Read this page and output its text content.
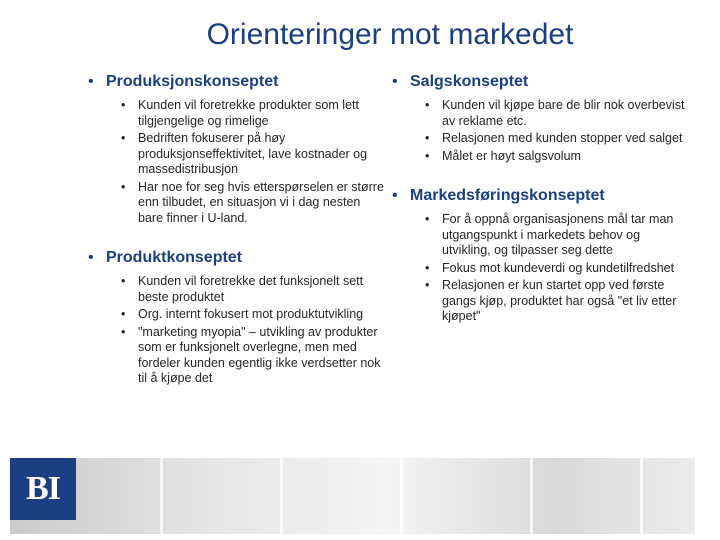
Orienteringer mot markedet

• Produksjonskonseptet

• Kunden vil foretrekke produkter som lett tilgjengelige og rimelige
• Bedriften fokuserer på høy produksjonseffektivitet, lave kostnader og massedistribusjon
• Har noe for seg hvis etterspørselen er større enn tilbudet, en situasjon vi i dag nesten bare finner i U-land.

• Produktkonseptet

• Kunden vil foretrekke det funksjonelt sett beste produktet
• Org. internt fokusert mot produktutvikling
• "marketing myopia" – utvikling av produkter som er funksjonelt overlegne, men med fordeler kunden egentlig ikke verdsetter nok til å kjøpe det

• Salgskonseptet

• Kunden vil kjøpe bare de blir nok overbevist av reklame etc.
• Relasjonen med kunden stopper ved salget
• Målet er høyt salgsvolum

• Markedsføringskonseptet

• For å oppnå organisasjonens mål tar man utgangspunkt i markedets behov og utvikling, og tilpasser seg dette
• Fokus mot kundeverdi og kundetilfredshet
• Relasjonen er kun startet opp ved første gangs kjøp, produktet har også "et liv etter kjøpet"
BI
